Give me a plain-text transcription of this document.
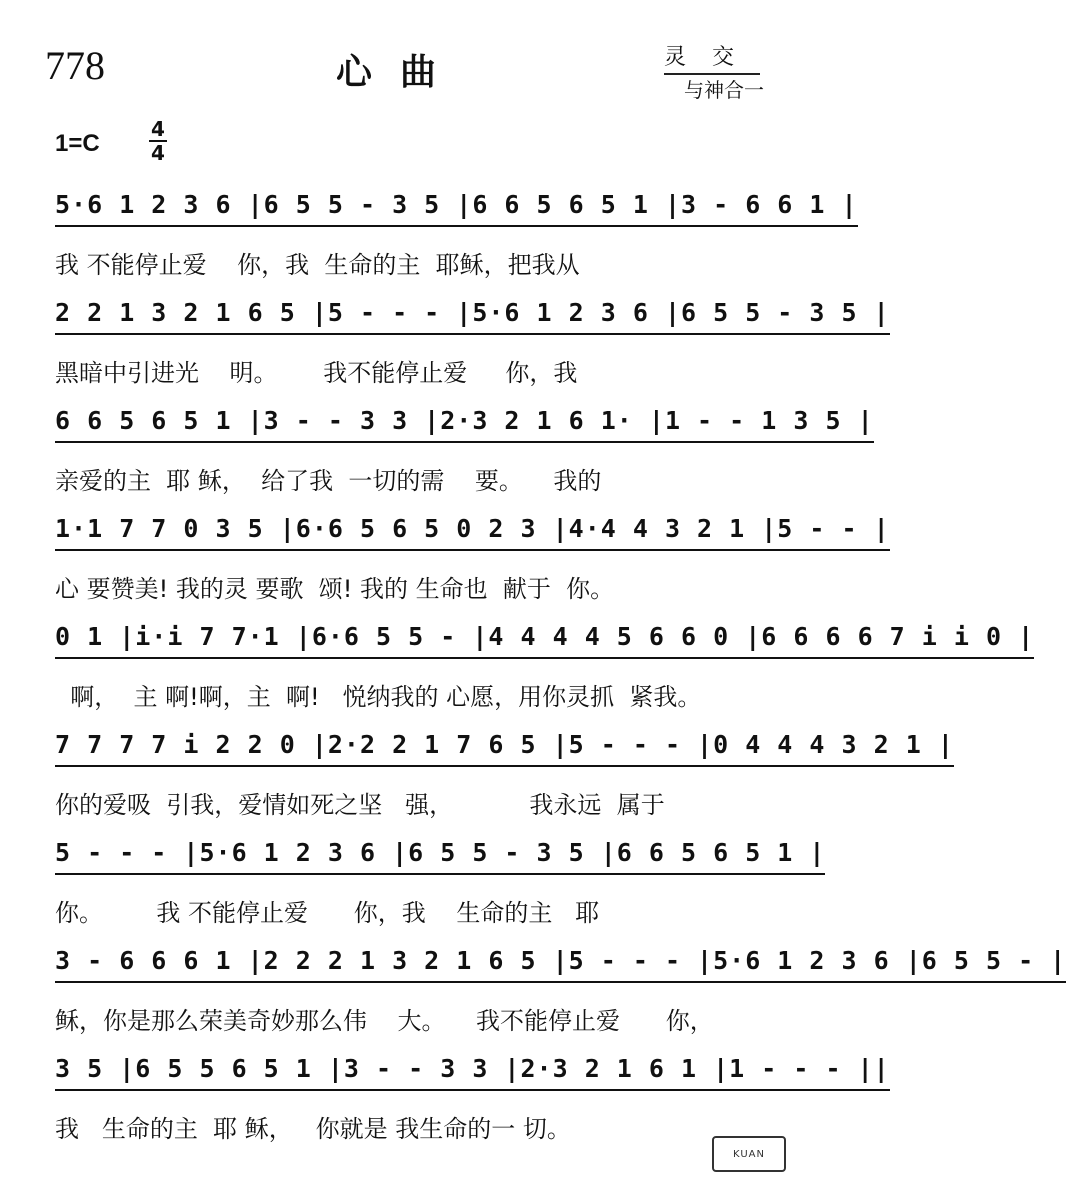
778	心曲	灵交
与神合一
1=C
4
4
5·6 1 2 3 6 |6 5 5 - 3 5 |6 6 5 6 5 1 |3 - 6 6 1 |
我 不能停止爱    你，我  生命的主  耶稣，把我从
2 2 1 3 2 1 6 5 |5 - - - |5·6 1 2 3 6 |6 5 5 - 3 5 |
黑暗中引进光    明。      我不能停止爱     你，我
6 6 5 6 5 1 |3 - - 3 3 |2·3 2 1 6 1· |1 - - 1 3 5 |
亲爱的主  耶 稣，  给了我  一切的需    要。    我的
1·1 7 7 0 3 5 |6·6 5 6 5 0 2 3 |4·4 4 3 2 1 |5 - - |
心 要赞美! 我的灵 要歌  颂! 我的 生命也  献于  你。
0 1 |i·i 7 7·1 |6·6 5 5 - |4 4 4 4 5 6 6 0 |6 6 6 6 7 i i 0 |
啊，  主 啊!啊，主  啊!   悦纳我的 心愿，用你灵抓  紧我。
7 7 7 7 i 2 2 0 |2·2 2 1 7 6 5 |5 - - - |0 4 4 4 3 2 1 |
你的爱吸  引我，爱情如死之坚   强，          我永远  属于
5 - - - |5·6 1 2 3 6 |6 5 5 - 3 5 |6 6 5 6 5 1 |
你。       我 不能停止爱      你，我    生命的主   耶
3 - 6 6 6 1 |2 2 2 1 3 2 1 6 5 |5 - - - |5·6 1 2 3 6 |6 5 5 - |
稣，你是那么荣美奇妙那么伟    大。    我不能停止爱      你，
3 5 |6 5 5 6 5 1 |3 - - 3 3 |2·3 2 1 6 1 |1 - - - ||
我   生命的主  耶 稣，   你就是 我生命的一 切。
KUAN
